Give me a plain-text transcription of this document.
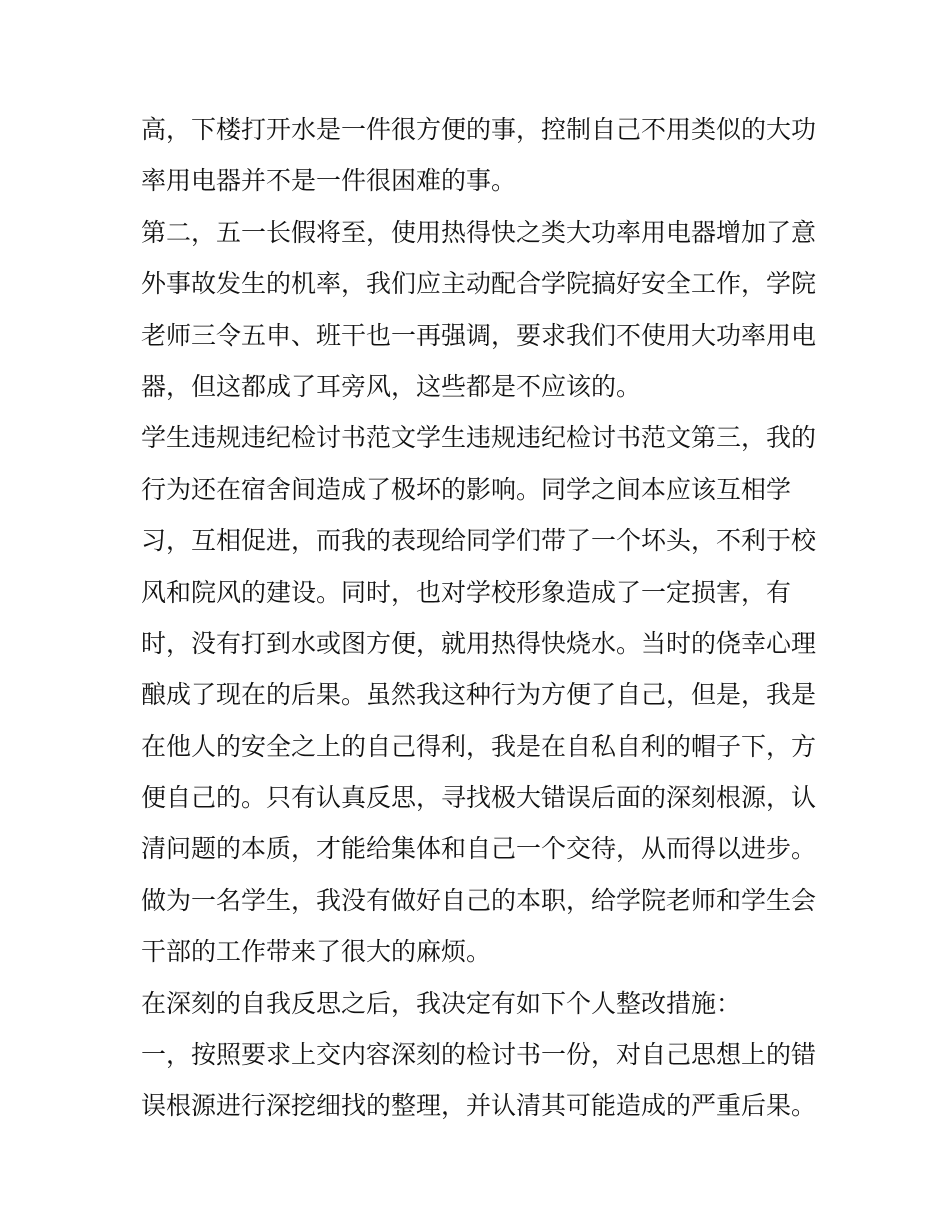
高，下楼打开水是一件很方便的事，控制自己不用类似的大功
率用电器并不是一件很困难的事。
第二，五一长假将至，使用热得快之类大功率用电器增加了意
外事故发生的机率，我们应主动配合学院搞好安全工作，学院
老师三令五申、班干也一再强调，要求我们不使用大功率用电
器，但这都成了耳旁风，这些都是不应该的。
学生违规违纪检讨书范文学生违规违纪检讨书范文第三，我的
行为还在宿舍间造成了极坏的影响。同学之间本应该互相学
习，互相促进，而我的表现给同学们带了一个坏头，不利于校
风和院风的建设。同时，也对学校形象造成了一定损害，有
时，没有打到水或图方便，就用热得快烧水。当时的侥幸心理
酿成了现在的后果。虽然我这种行为方便了自己，但是，我是
在他人的安全之上的自己得利，我是在自私自利的帽子下，方
便自己的。只有认真反思，寻找极大错误后面的深刻根源，认
清问题的本质，才能给集体和自己一个交待，从而得以进步。
做为一名学生，我没有做好自己的本职，给学院老师和学生会
干部的工作带来了很大的麻烦。
在深刻的自我反思之后，我决定有如下个人整改措施：
一，按照要求上交内容深刻的检讨书一份，对自己思想上的错
误根源进行深挖细找的整理，并认清其可能造成的严重后果。
